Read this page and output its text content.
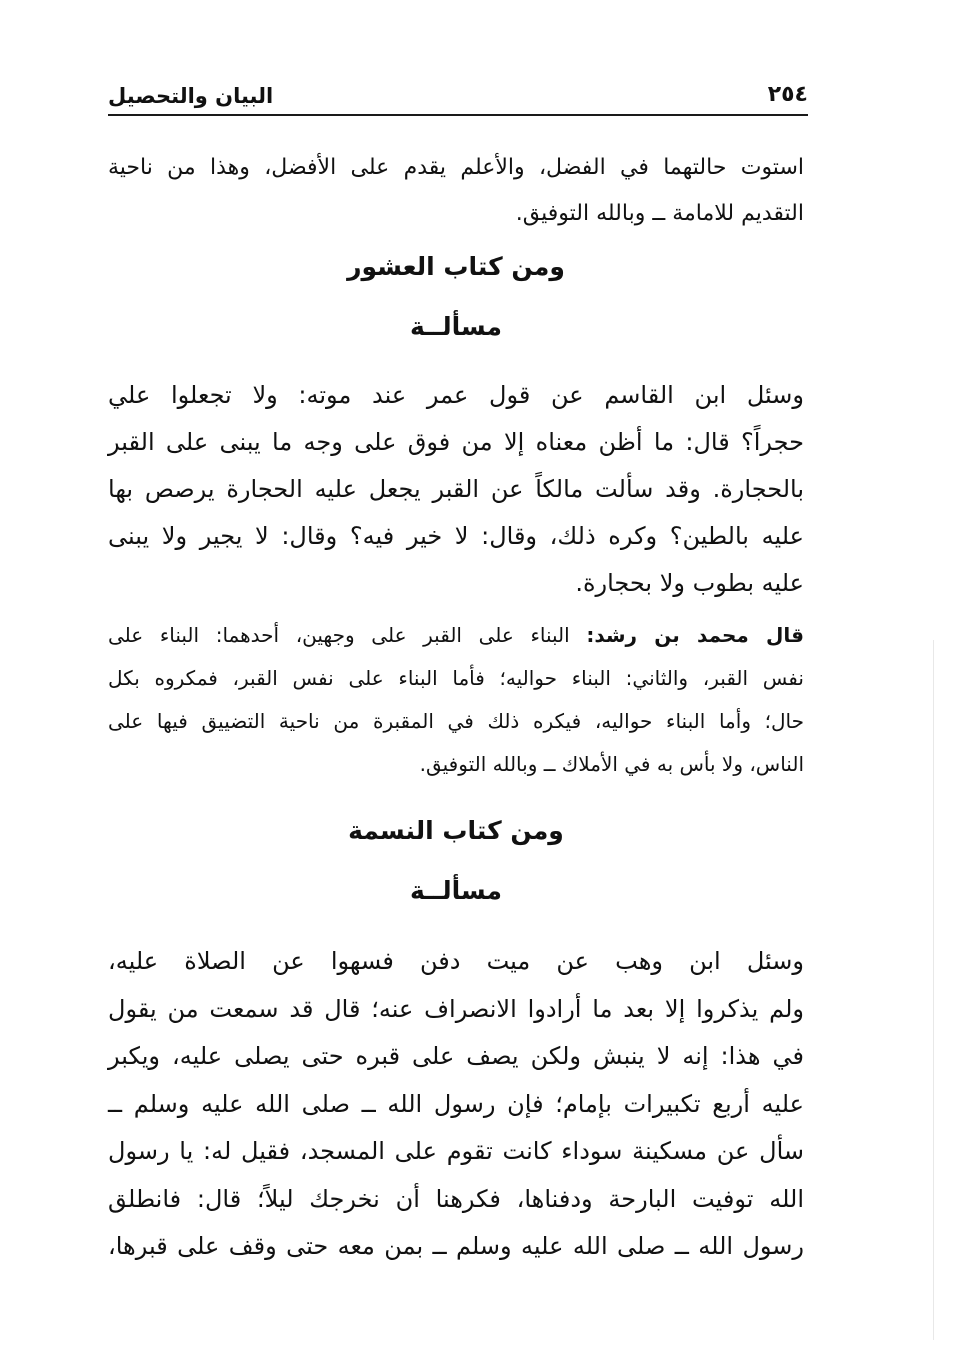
البيان والتحصيل	٢٥٤
استوت حالتهما في الفضل، والأعلم يقدم على الأفضل، وهذا من ناحية
التقديم للامامة ــ وبالله التوفيق.
ومن كتاب العشور
مسألــة
وسئل ابن القاسم عن قول عمر عند موته: ولا تجعلوا علي
حجراً؟ قال: ما أظن معناه إلا من فوق على وجه ما يبنى على القبر
بالحجارة. وقد سألت مالكاً عن القبر يجعل عليه الحجارة يرصص بها
عليه بالطين؟ وكره ذلك، وقال: لا خير فيه؟ وقال: لا يجير ولا يبنى
عليه بطوب ولا بحجارة.
قال محمد بن رشد: البناء على القبر على وجهين، أحدهما: البناء على
نفس القبر، والثاني: البناء حواليه؛ فأما البناء على نفس القبر، فمكروه بكل
حال؛ وأما البناء حواليه، فيكره ذلك في المقبرة من ناحية التضييق فيها على
الناس، ولا بأس به في الأملاك ــ وبالله التوفيق.
ومن كتاب النسمة
مسألــة
وسئل ابن وهب عن ميت دفن فسهوا عن الصلاة عليه،
ولم يذكروا إلا بعد ما أرادوا الانصراف عنه؛ قال قد سمعت من يقول
في هذا: إنه لا ينبش ولكن يصف على قبره حتى يصلى عليه، ويكبر
عليه أربع تكبيرات بإمام؛ فإن رسول الله ــ صلى الله عليه وسلم ــ
سأل عن مسكينة سوداء كانت تقوم على المسجد، فقيل له: يا رسول
الله توفيت البارحة ودفناها، فكرهنا أن نخرجك ليلاً؛ قال: فانطلق
رسول الله ــ صلى الله عليه وسلم ــ بمن معه حتى وقف على قبرها،
